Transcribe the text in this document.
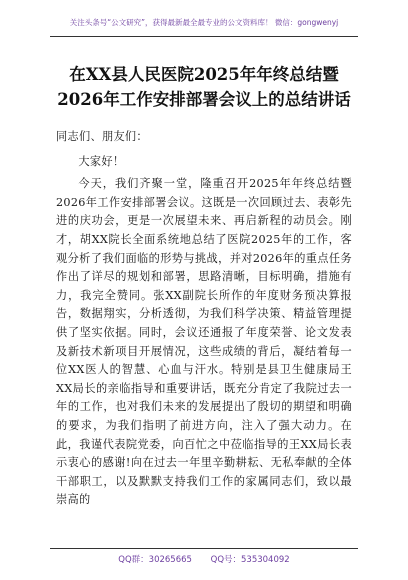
关注头条号“公文研究”，获得最新最全最专业的公文资料库！ 微信：gongwenyj
在XX县人民医院2025年年终总结暨
2026年工作安排部署会议上的总结讲话

同志们、朋友们：

大家好！

今天，我们齐聚一堂，隆重召开2025年年终总结暨2026年工作安排部署会议。这既是一次回顾过去、表彰先进的庆功会，更是一次展望未来、再启新程的动员会。刚才，胡XX院长全面系统地总结了医院2025年的工作，客观分析了我们面临的形势与挑战，并对2026年的重点任务作出了详尽的规划和部署，思路清晰，目标明确，措施有力，我完全赞同。张XX副院长所作的年度财务预决算报告，数据翔实，分析透彻，为我们科学决策、精益管理提供了坚实依据。同时，会议还通报了年度荣誉、论文发表及新技术新项目开展情况，这些成绩的背后，凝结着每一位XX医人的智慧、心血与汗水。特别是县卫生健康局王XX局长的亲临指导和重要讲话，既充分肯定了我院过去一年的工作，也对我们未来的发展提出了殷切的期望和明确的要求，为我们指明了前进方向，注入了强大动力。在此，我谨代表院党委，向百忙之中莅临指导的王XX局长表示衷心的感谢!向在过去一年里辛勤耕耘、无私奉献的全体干部职工，以及默默支持我们工作的家属同志们，致以最崇高的

QQ群：30265665 QQ号：535304092
